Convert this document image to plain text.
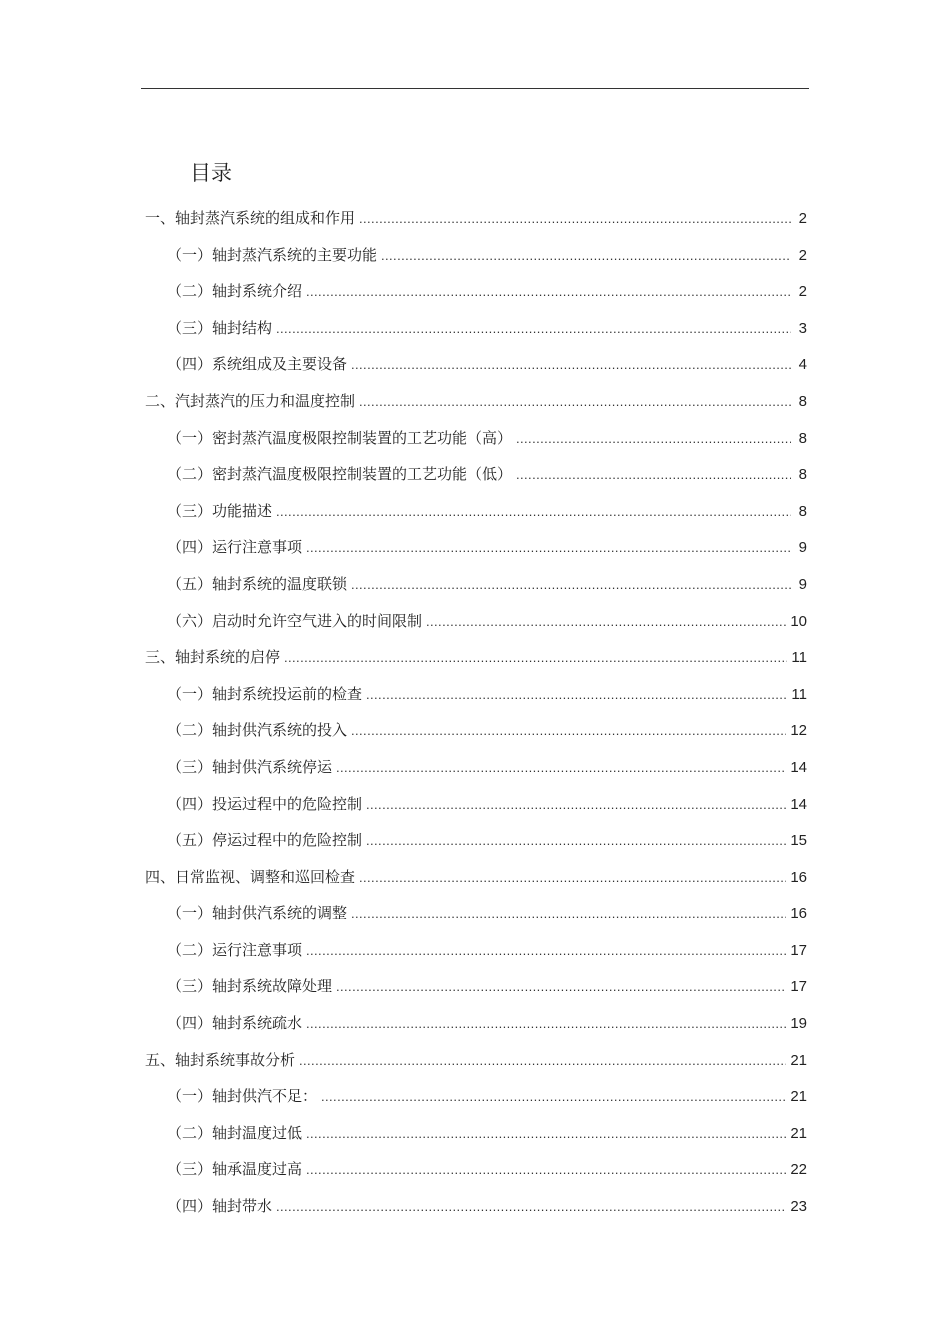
目录
一、轴封蒸汽系统的组成和作用 .....	2
（一）轴封蒸汽系统的主要功能 .....	2
（二）轴封系统介绍 .....	2
（三）轴封结构 .....	3
（四）系统组成及主要设备 .....	4
二、汽封蒸汽的压力和温度控制 .....	8
（一）密封蒸汽温度极限控制装置的工艺功能（高） .....	8
（二）密封蒸汽温度极限控制装置的工艺功能（低） .....	8
（三）功能描述 .....	8
（四）运行注意事项 .....	9
（五）轴封系统的温度联锁 .....	9
（六）启动时允许空气进入的时间限制 .....	10
三、轴封系统的启停 .....	11
（一）轴封系统投运前的检查 .....	11
（二）轴封供汽系统的投入 .....	12
（三）轴封供汽系统停运 .....	14
（四）投运过程中的危险控制 .....	14
（五）停运过程中的危险控制 .....	15
四、日常监视、调整和巡回检查 .....	16
（一）轴封供汽系统的调整 .....	16
（二）运行注意事项 .....	17
（三）轴封系统故障处理 .....	17
（四）轴封系统疏水 .....	19
五、轴封系统事故分析 .....	21
（一）轴封供汽不足： .....	21
（二）轴封温度过低 .....	21
（三）轴承温度过高 .....	22
（四）轴封带水 .....	23
